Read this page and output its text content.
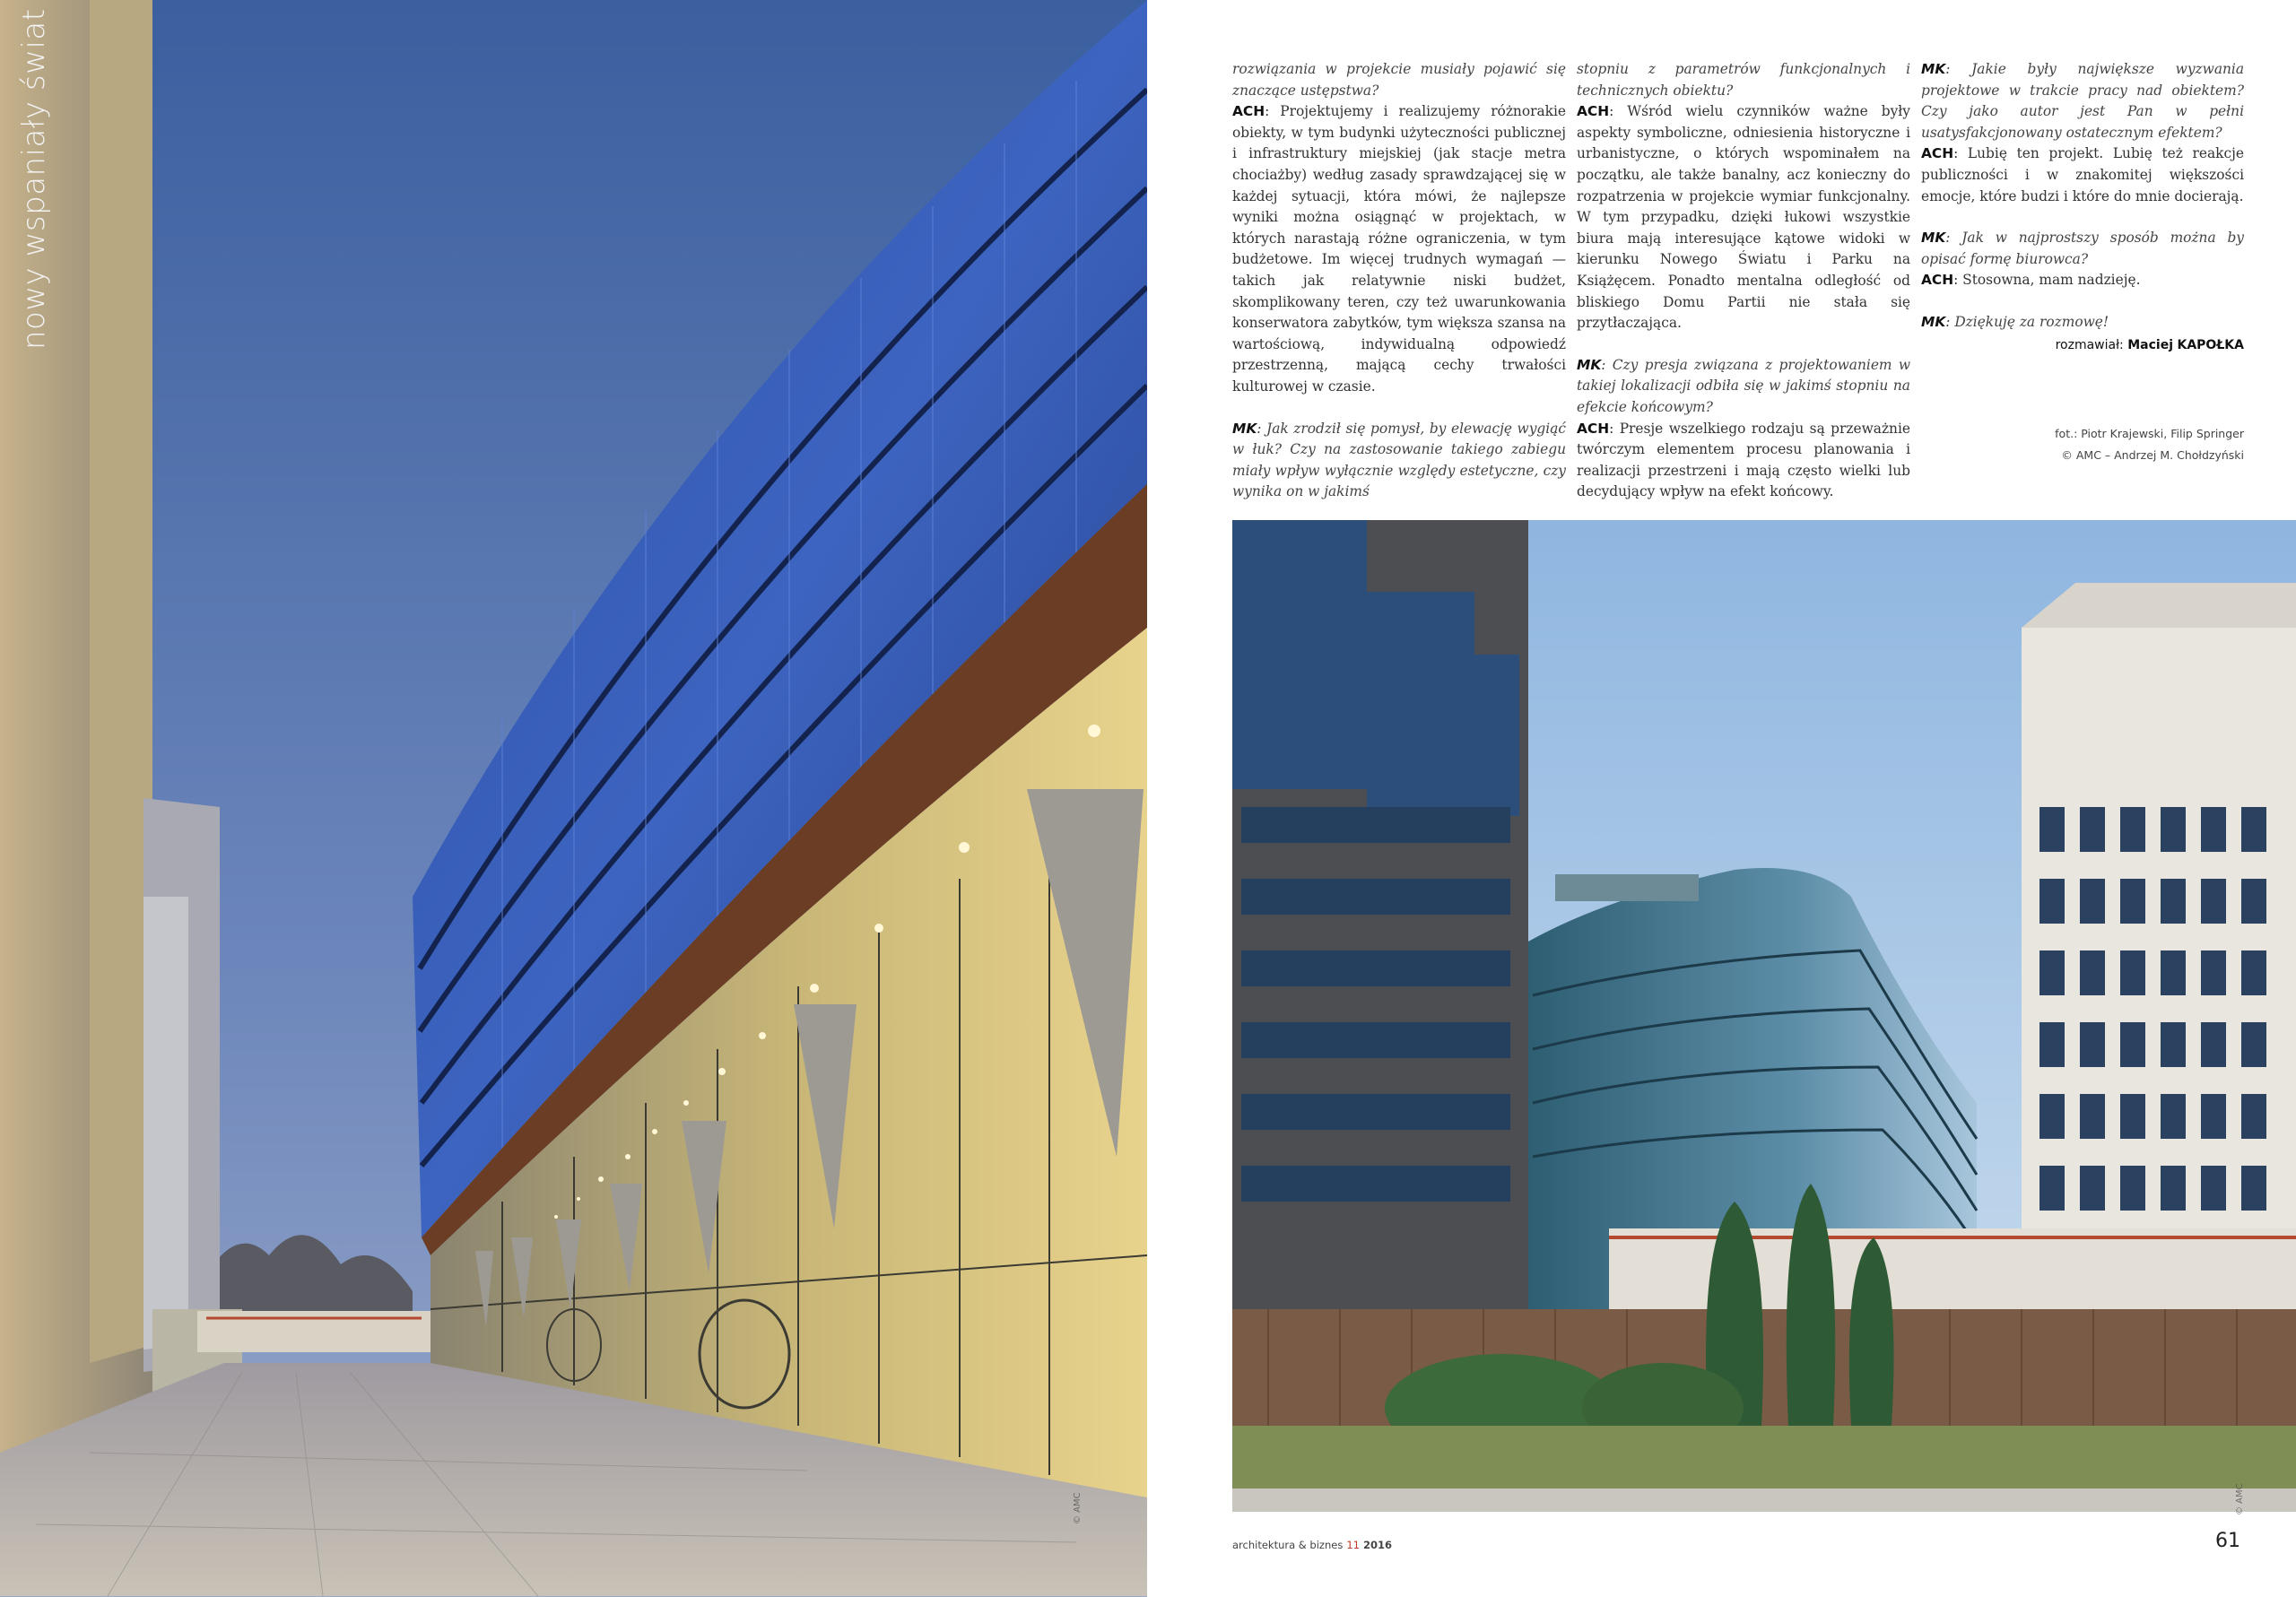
nowy wspaniały świat
© AMC

rozwiązania w projekcie musiały pojawić się znaczące ustępstwa?

ACH: Projektujemy i realizujemy różnorakie obiekty, w tym budynki użyteczności publicznej i infrastruktury miejskiej (jak stacje metra chociażby) według zasady sprawdzającej się w każdej sytuacji, która mówi, że najlepsze wyniki można osiągnąć w projektach, w których narastają różne ograniczenia, w tym budżetowe. Im więcej trudnych wymagań — takich jak relatywnie niski budżet, skomplikowany teren, czy też uwarunkowania konserwatora zabytków, tym większa szansa na wartościową, indywidualną odpowiedź przestrzenną, mającą cechy trwałości kulturowej w czasie.

MK: Jak zrodził się pomysł, by elewację wygiąć w łuk? Czy na zastosowanie takiego zabiegu miały wpływ wyłącznie względy estetyczne, czy wynika on w jakimś

stopniu z parametrów funkcjonalnych i technicznych obiektu?

ACH: Wśród wielu czynników ważne były aspekty symboliczne, odniesienia historyczne i urbanistyczne, o których wspominałem na początku, ale także banalny, acz konieczny do rozpatrzenia w projekcie wymiar funkcjonalny. W tym przypadku, dzięki łukowi wszystkie biura mają interesujące kątowe widoki w kierunku Nowego Światu i Parku na Książęcem. Ponadto mentalna odległość od bliskiego Domu Partii nie stała się przytłaczająca.

MK: Czy presja związana z projektowaniem w takiej lokalizacji odbiła się w jakimś stopniu na efekcie końcowym?

ACH: Presje wszelkiego rodzaju są przeważnie twórczym elementem procesu planowania i realizacji przestrzeni i mają często wielki lub decydujący wpływ na efekt końcowy.

MK: Jakie były największe wyzwania projektowe w trakcie pracy nad obiektem? Czy jako autor jest Pan w pełni usatysfakcjonowany ostatecznym efektem?

ACH: Lubię ten projekt. Lubię też reakcje publiczności i w znakomitej większości emocje, które budzi i które do mnie docierają.

MK: Jak w najprostszy sposób można by opisać formę biurowca?

ACH: Stosowna, mam nadzieję.

MK: Dziękuję za rozmowę!

rozmawiał: Maciej KAPOŁKA
fot.: Piotr Krajewski, Filip Springer
© AMC – Andrzej M. Chołdzyński
© AMC
architektura & biznes 11 2016	61
